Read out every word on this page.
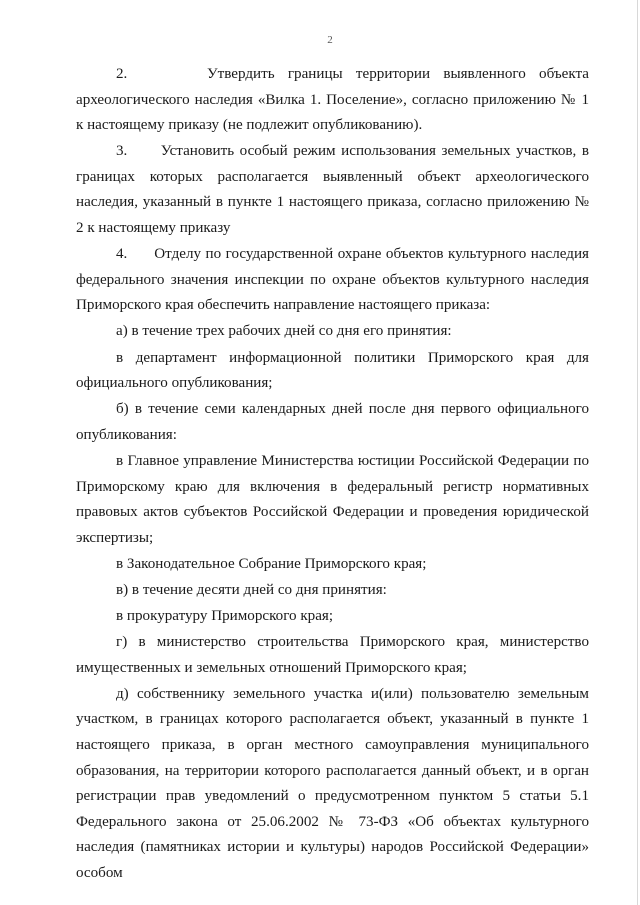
2

2.      Утвердить границы территории выявленного объекта археологического наследия «Вилка 1. Поселение», согласно приложению № 1 к настоящему приказу (не подлежит опубликованию).

3.      Установить особый режим использования земельных участков, в границах которых располагается выявленный объект археологического наследия, указанный в пункте 1 настоящего приказа, согласно приложению № 2 к настоящему приказу

4.      Отделу по государственной охране объектов культурного наследия федерального значения инспекции по охране объектов культурного наследия Приморского края обеспечить направление настоящего приказа:

а) в течение трех рабочих дней со дня его принятия:

в департамент информационной политики Приморского края для официального опубликования;

б) в течение семи календарных дней после дня первого официального опубликования:

в Главное управление Министерства юстиции Российской Федерации по Приморскому краю для включения в федеральный регистр нормативных правовых актов субъектов Российской Федерации и проведения юридической экспертизы;

в Законодательное Собрание Приморского края;

в) в течение десяти дней со дня принятия:

в прокуратуру Приморского края;

г) в министерство строительства Приморского края, министерство имущественных и земельных отношений Приморского края;

д) собственнику земельного участка и(или) пользователю земельным участком, в границах которого располагается объект, указанный в пункте 1 настоящего приказа, в орган местного самоуправления муниципального образования, на территории которого располагается данный объект, и в орган регистрации прав уведомлений о предусмотренном пунктом 5 статьи 5.1 Федерального закона от 25.06.2002 № 73-ФЗ «Об объектах культурного наследия (памятниках истории и культуры) народов Российской Федерации» особом
